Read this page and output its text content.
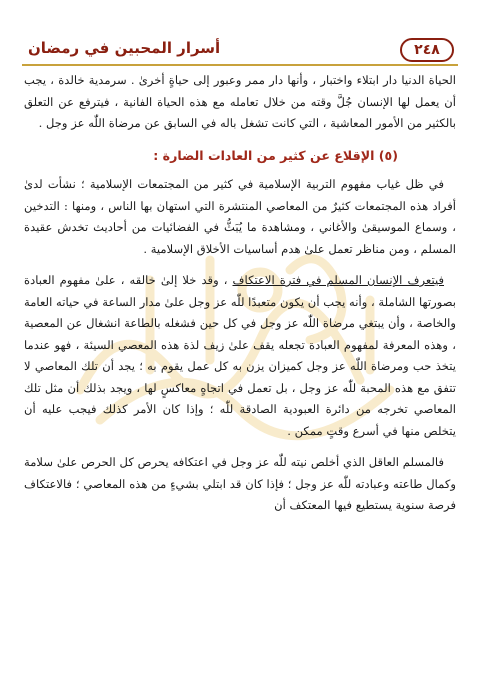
٢٤٨
أسرار المحبين في رمضان

الحياة الدنيا دار ابتلاء واختبار ، وأنها دار ممر وعبور إلى حياةٍ أخرىٰ . سرمدية خالدة ، يجب أن يعمل لها الإنسان جُلَّ وقته من خلال تعامله مع هذه الحياة الفانية ، فيترفع عن التعلق بالكثير من الأمور المعاشية ، التي كانت تشغل باله في السابق عن مرضاة اللّٰه عز وجل .

(٥) الإقلاع عن كثير من العادات الضارة :

في ظل غياب مفهوم التربية الإسلامية في كثير من المجتمعات الإسلامية ؛ نشأت لدىٰ أفراد هذه المجتمعات كثيرٌ من المعاصي المنتشرة التي استهان بها الناس ، ومنها : التدخين ، وسماع الموسيقىٰ والأغاني ، ومشاهدة ما يُبَثُّ في الفضائيات من أحاديث تخدش عقيدة المسلم ، ومن مناظر تعمل علىٰ هدم أساسيات الأخلاق الإسلامية .

فيتعرف الإنسان المسلم في فترة الاعتكاف ، وقد خلا إلىٰ خالقه ، علىٰ مفهوم العبادة بصورتها الشاملة ، وأنه يجب أن يكون متعبدًا للّٰه عز وجل علىٰ مدار الساعة في حياته العامة والخاصة ، وأن يبتغي مرضاة اللّٰه عز وجل في كل حين فشغله بالطاعة انشغال عن المعصية ، وهذه المعرفة لمفهوم العبادة تجعله يقف علىٰ زيف لذة هذه المعصي السيئة ، فهو عندما يتخذ حب ومرضاة اللّٰه عز وجل كميزان يزن به كل عمل يقوم به ؛ يجد أن تلك المعاصي لا تتفق مع هذه المحبة للّٰه عز وجل ، بل تعمل في اتجاهٍ معاكسٍ لها ، ويجد بذلك أن مثل تلك المعاصي تخرجه من دائرة العبودية الصادقة للّٰه ؛ وإذا كان الأمر كذلك فيجب عليه أن يتخلص منها في أسرع وقتٍ ممكن .

فالمسلم العاقل الذي أخلص نيته للّٰه عز وجل في اعتكافه يحرص كل الحرص علىٰ سلامة وكمال طاعته وعبادته للّٰه عز وجل ؛ فإذا كان قد ابتلي بشيءٍ من هذه المعاصي ؛ فالاعتكاف فرصة سنوية يستطيع فيها المعتكف أن
